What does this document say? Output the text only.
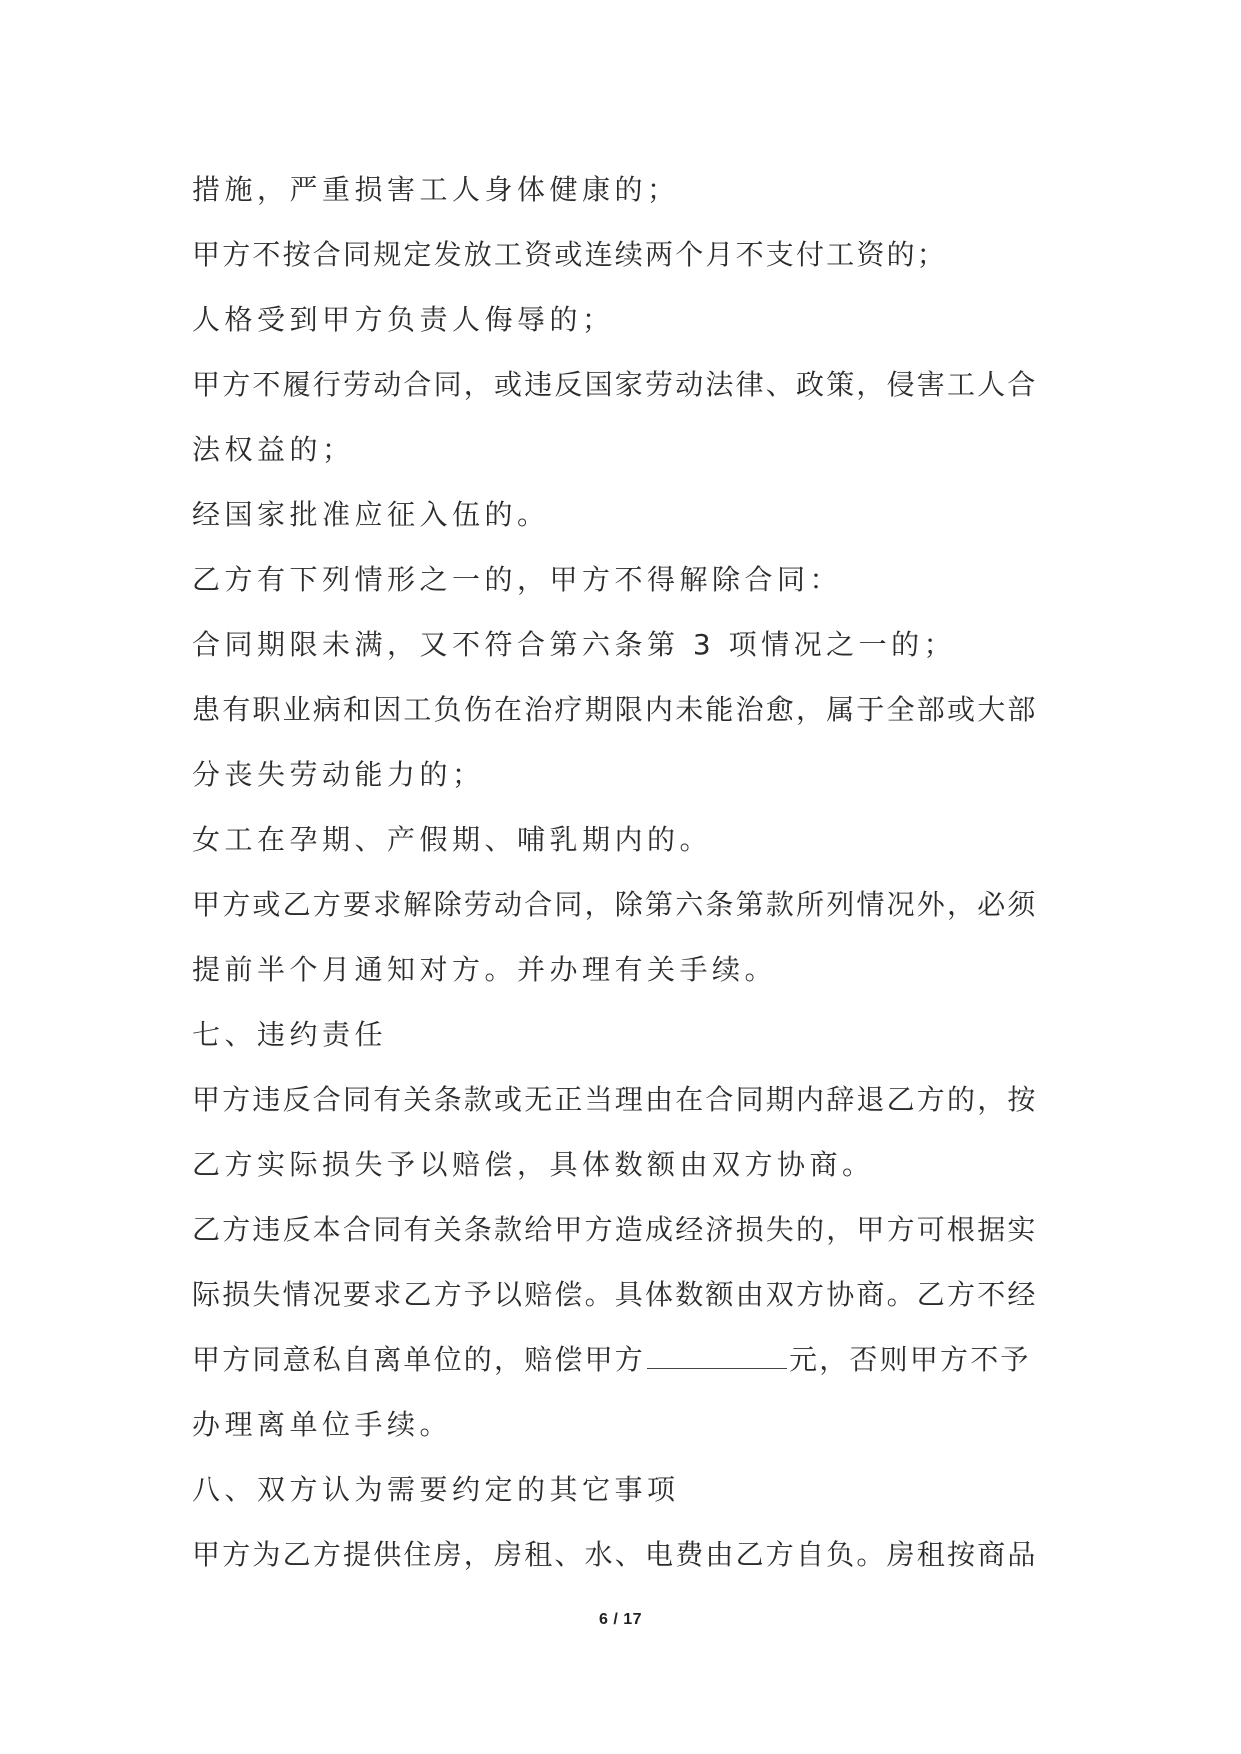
措施，严重损害工人身体健康的；
甲方不按合同规定发放工资或连续两个月不支付工资的；
人格受到甲方负责人侮辱的；
甲方不履行劳动合同，或违反国家劳动法律、政策，侵害工人合
法权益的；
经国家批准应征入伍的。
乙方有下列情形之一的，甲方不得解除合同：
合同期限未满，又不符合第六条第 3 项情况之一的；
患有职业病和因工负伤在治疗期限内未能治愈，属于全部或大部
分丧失劳动能力的；
女工在孕期、产假期、哺乳期内的。
甲方或乙方要求解除劳动合同，除第六条第款所列情况外，必须
提前半个月通知对方。并办理有关手续。
七、违约责任
甲方违反合同有关条款或无正当理由在合同期内辞退乙方的，按
乙方实际损失予以赔偿，具体数额由双方协商。
乙方违反本合同有关条款给甲方造成经济损失的，甲方可根据实
际损失情况要求乙方予以赔偿。具体数额由双方协商。乙方不经
甲方同意私自离单位的，赔偿甲方	元，否则甲方不予
办理离单位手续。
八、双方认为需要约定的其它事项
甲方为乙方提供住房，房租、水、电费由乙方自负。房租按商品
6 / 17
